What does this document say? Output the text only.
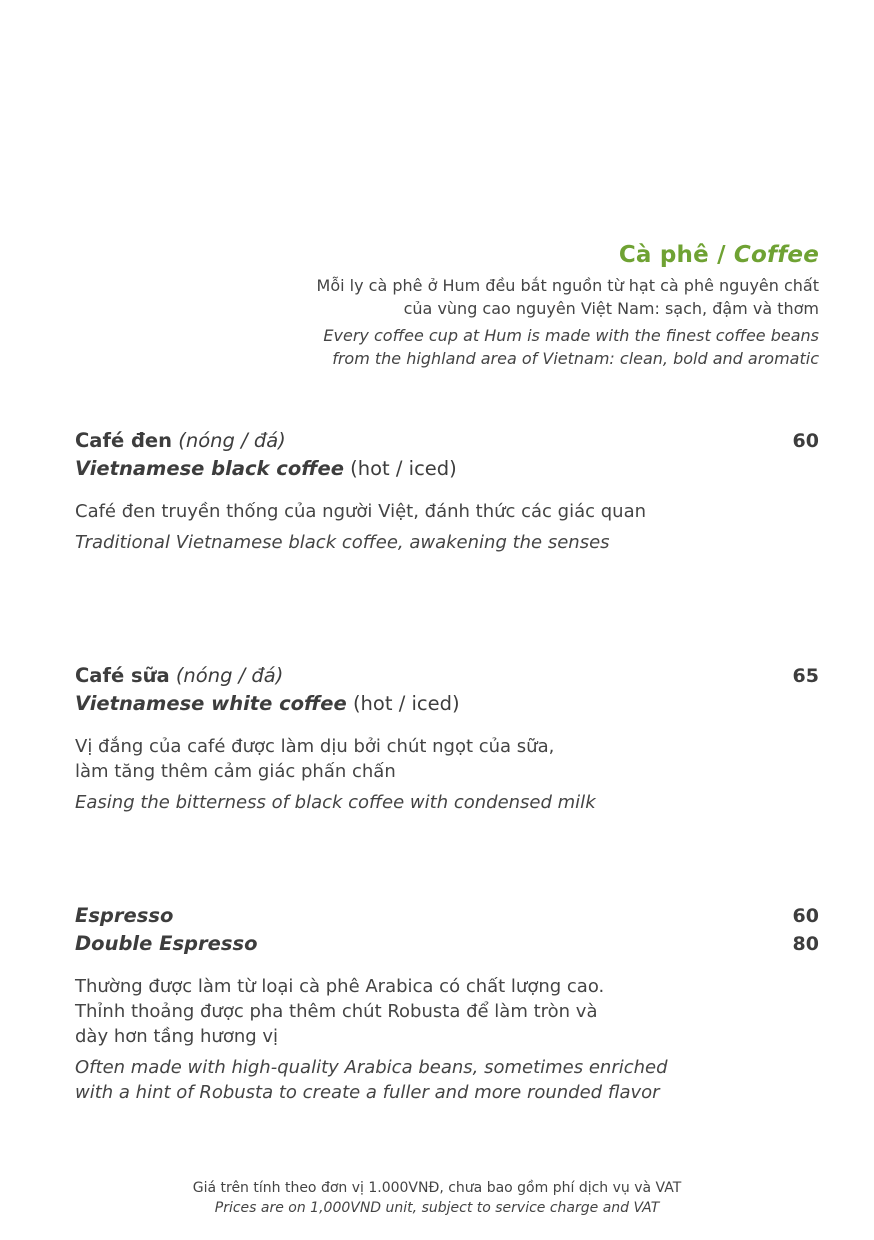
Cà phê / Coffee
Mỗi ly cà phê ở Hum đều bắt nguồn từ hạt cà phê nguyên chất
của vùng cao nguyên Việt Nam: sạch, đậm và thơm
Every coffee cup at Hum is made with the finest coffee beans
from the highland area of Vietnam: clean, bold and aromatic
Café đen (nóng / đá)	60
Vietnamese black coffee (hot / iced)
Café đen truyền thống của người Việt, đánh thức các giác quan
Traditional Vietnamese black coffee, awakening the senses
Café sữa (nóng / đá)	65
Vietnamese white coffee (hot / iced)
Vị đắng của café được làm dịu bởi chút ngọt của sữa,
làm tăng thêm cảm giác phấn chấn
Easing the bitterness of black coffee with condensed milk
Espresso	60
Double Espresso	80
Thường được làm từ loại cà phê Arabica có chất lượng cao.
Thỉnh thoảng được pha thêm chút Robusta để làm tròn và
dày hơn tầng hương vị
Often made with high-quality Arabica beans, sometimes enriched
with a hint of Robusta to create a fuller and more rounded flavor
Giá trên tính theo đơn vị 1.000VNĐ, chưa bao gồm phí dịch vụ và VAT
Prices are on 1,000VND unit, subject to service charge and VAT
